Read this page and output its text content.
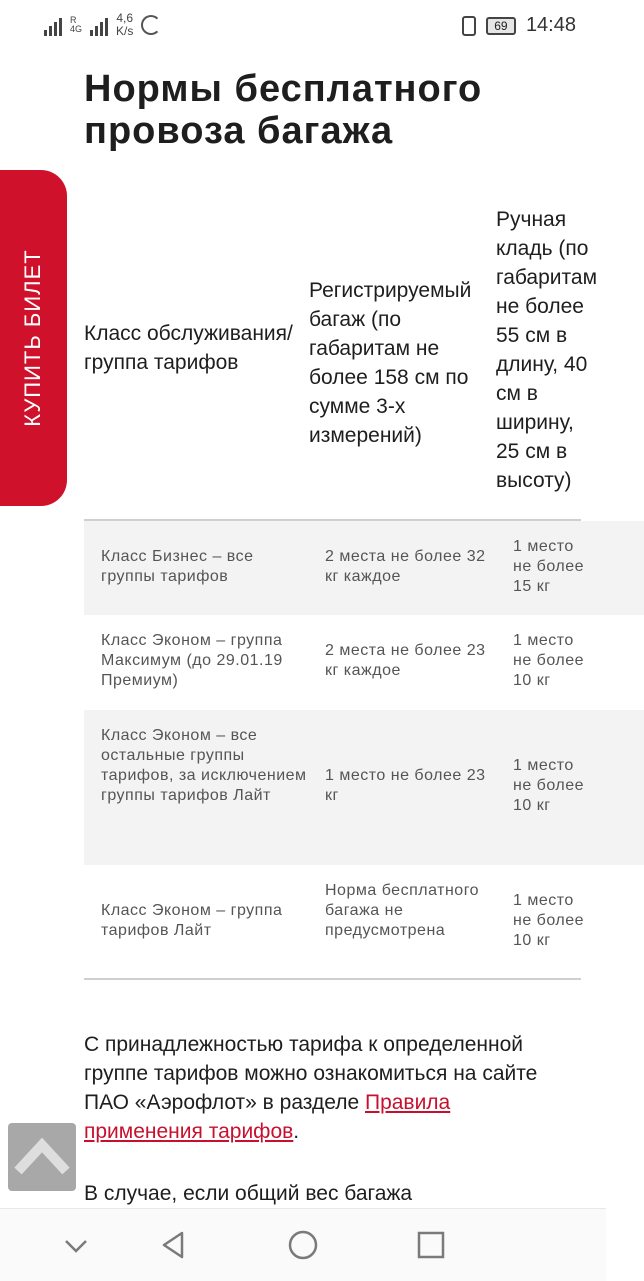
R
4G
4,6
K/s	69 14:48
Нормы бесплатного провоза багажа
Класс обслуживания/ группа тарифов
Регистрируемый багаж (по габаритам не более 158 см по сумме 3-х измерений)
Ручная кладь (по габаритам не более 55 см в длину, 40 см в ширину, 25 см в высоту)
Класс Бизнес – все группы тарифов
2 места не более 32 кг каждое
1 место не более 15 кг
Класс Эконом – группа Максимум (до 29.01.19 Премиум)
2 места не более 23 кг каждое
1 место не более 10 кг
Класс Эконом – все остальные группы тарифов, за исключением группы тарифов Лайт
1 место не более 23 кг
1 место не более 10 кг
Класс Эконом – группа тарифов Лайт
Норма бесплатного багажа не предусмотрена
1 место не более 10 кг
КУПИТЬ БИЛЕТ

С принадлежностью тарифа к определенной группе тарифов можно ознакомиться на сайте ПАО «Аэрофлот» в разделе Правила применения тарифов.

В случае, если общий вес багажа
